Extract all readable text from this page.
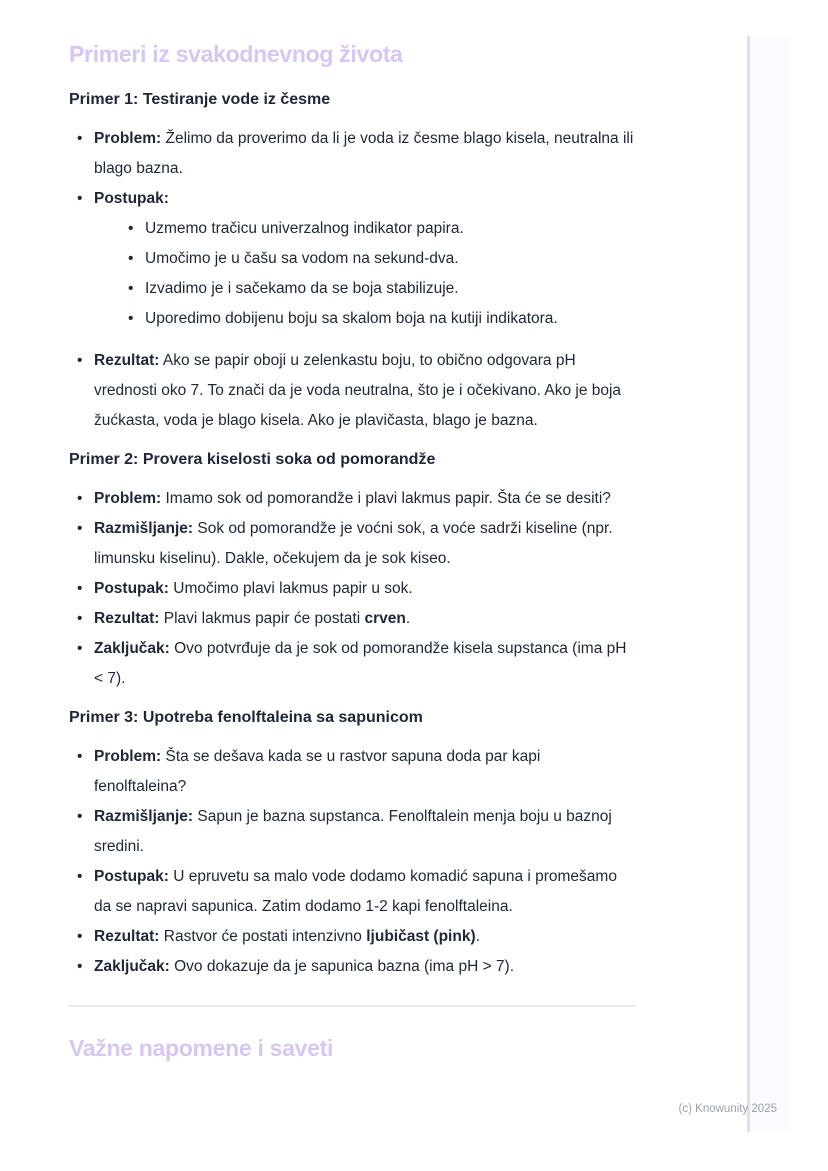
Primeri iz svakodnevnog života
Primer 1: Testiranje vode iz česme
• Problem: Želimo da proverimo da li je voda iz česme blago kisela, neutralna ili blago bazna.
• Postupak:
• Uzmemo tračicu univerzalnog indikator papira.
• Umočimo je u čašu sa vodom na sekund-dva.
• Izvadimo je i sačekamo da se boja stabilizuje.
• Uporedimo dobijenu boju sa skalom boja na kutiji indikatora.
• Rezultat: Ako se papir oboji u zelenkastu boju, to obično odgovara pH vrednosti oko 7. To znači da je voda neutralna, što je i očekivano. Ako je boja žućkasta, voda je blago kisela. Ako je plavičasta, blago je bazna.
Primer 2: Provera kiselosti soka od pomorandže
• Problem: Imamo sok od pomorandže i plavi lakmus papir. Šta će se desiti?
• Razmišljanje: Sok od pomorandže je voćni sok, a voće sadrži kiseline (npr. limunsku kiselinu). Dakle, očekujem da je sok kiseo.
• Postupak: Umočimo plavi lakmus papir u sok.
• Rezultat: Plavi lakmus papir će postati crven.
• Zaključak: Ovo potvrđuje da je sok od pomorandže kisela supstanca (ima pH < 7).
Primer 3: Upotreba fenolftaleina sa sapunicom
• Problem: Šta se dešava kada se u rastvor sapuna doda par kapi fenolftaleina?
• Razmišljanje: Sapun je bazna supstanca. Fenolftalein menja boju u baznoj sredini.
• Postupak: U epruvetu sa malo vode dodamo komadić sapuna i promešamo da se napravi sapunica. Zatim dodamo 1-2 kapi fenolftaleina.
• Rezultat: Rastvor će postati intenzivno ljubičast (pink).
• Zaključak: Ovo dokazuje da je sapunica bazna (ima pH > 7).
Važne napomene i saveti
(c) Knowunity 2025
